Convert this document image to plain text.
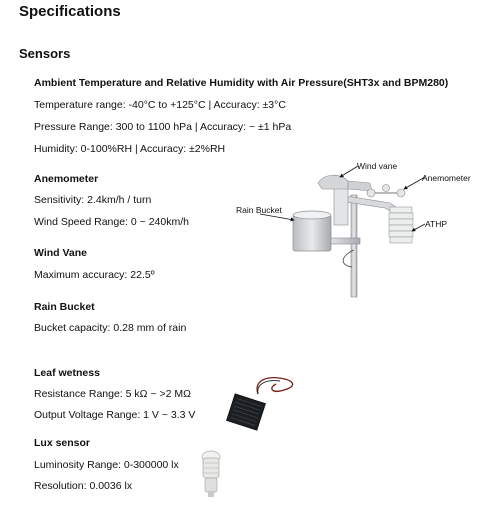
Specifications
Sensors
Ambient Temperature and Relative Humidity with Air Pressure(SHT3x and BPM280)
Temperature range: -40°C to +125°C | Accuracy: ±3°C
Pressure Range: 300 to 1100 hPa | Accuracy: ~ ±1 hPa
Humidity: 0-100%RH | Accuracy: ±2%RH
Anemometer
Sensitivity: 2.4km/h / turn
Wind Speed Range: 0 ~ 240km/h
Wind Vane
Maximum accuracy: 22.5º
Rain Bucket
Bucket capacity: 0.28 mm of rain
Leaf wetness
Resistance Range: 5 kΩ ~ >2 MΩ
Output Voltage Range: 1 V ~ 3.3 V
Lux sensor
Luminosity Range: 0-300000 lx
Resolution: 0.0036 lx
Wind vane
Anemometer
Rain Bucket
ATHP
